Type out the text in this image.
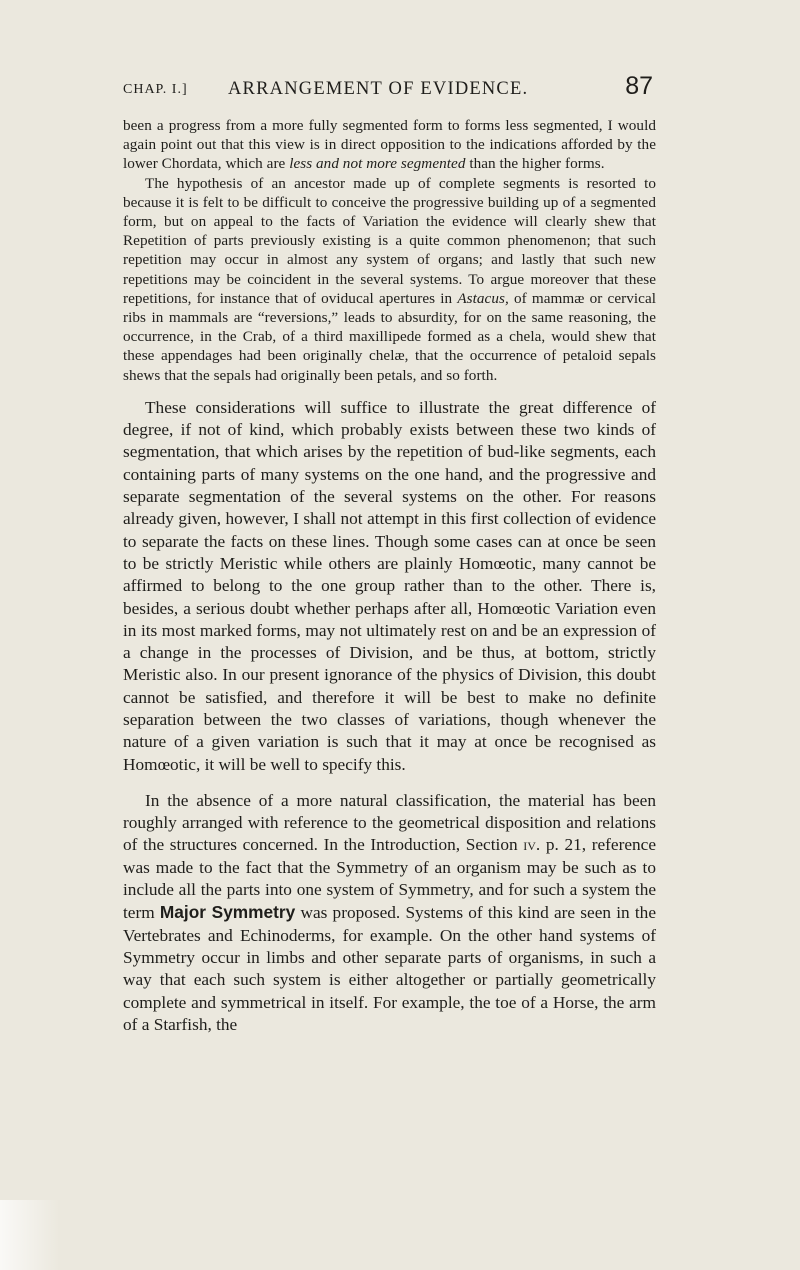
CHAP. I.] ARRANGEMENT OF EVIDENCE.	87

been a progress from a more fully segmented form to forms less segmented, I would again point out that this view is in direct opposition to the indications afforded by the lower Chordata, which are less and not more segmented than the higher forms.

The hypothesis of an ancestor made up of complete segments is resorted to because it is felt to be difficult to conceive the progressive building up of a segmented form, but on appeal to the facts of Variation the evidence will clearly shew that Repetition of parts previously existing is a quite common phenomenon; that such repetition may occur in almost any system of organs; and lastly that such new repetitions may be coincident in the several systems. To argue moreover that these repetitions, for instance that of oviducal apertures in Astacus, of mammæ or cervical ribs in mammals are “reversions,” leads to absurdity, for on the same reasoning, the occurrence, in the Crab, of a third maxillipede formed as a chela, would shew that these appendages had been originally chelæ, that the occurrence of petaloid sepals shews that the sepals had originally been petals, and so forth.

These considerations will suffice to illustrate the great difference of degree, if not of kind, which probably exists between these two kinds of segmentation, that which arises by the repetition of bud-like segments, each containing parts of many systems on the one hand, and the progressive and separate segmentation of the several systems on the other. For reasons already given, however, I shall not attempt in this first collection of evidence to separate the facts on these lines. Though some cases can at once be seen to be strictly Meristic while others are plainly Homœotic, many cannot be affirmed to belong to the one group rather than to the other. There is, besides, a serious doubt whether perhaps after all, Homœotic Variation even in its most marked forms, may not ultimately rest on and be an expression of a change in the processes of Division, and be thus, at bottom, strictly Meristic also. In our present ignorance of the physics of Division, this doubt cannot be satisfied, and therefore it will be best to make no definite separation between the two classes of variations, though whenever the nature of a given variation is such that it may at once be recognised as Homœotic, it will be well to specify this.

In the absence of a more natural classification, the material has been roughly arranged with reference to the geometrical disposition and relations of the structures concerned. In the Introduction, Section iv. p. 21, reference was made to the fact that the Symmetry of an organism may be such as to include all the parts into one system of Symmetry, and for such a system the term Major Symmetry was proposed. Systems of this kind are seen in the Vertebrates and Echinoderms, for example. On the other hand systems of Symmetry occur in limbs and other separate parts of organisms, in such a way that each such system is either altogether or partially geometrically complete and symmetrical in itself. For example, the toe of a Horse, the arm of a Starfish, the
